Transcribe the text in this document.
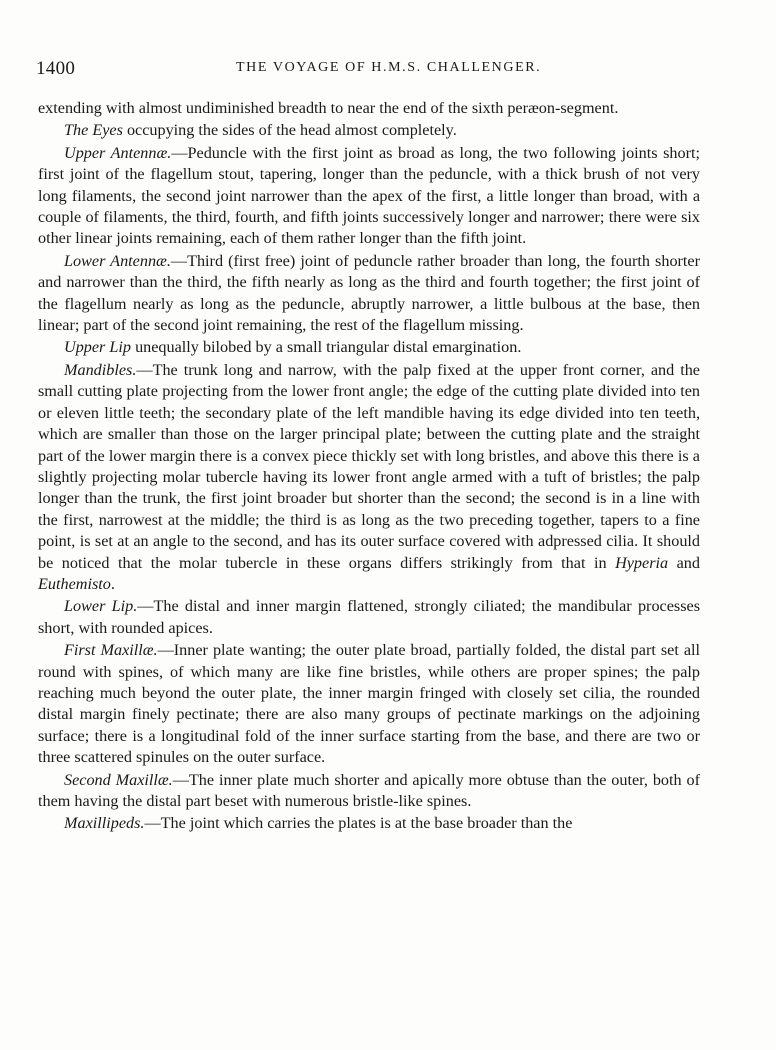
1400	THE VOYAGE OF H.M.S. CHALLENGER.

extending with almost undiminished breadth to near the end of the sixth peræon-segment.

The Eyes occupying the sides of the head almost completely.

Upper Antennæ.—Peduncle with the first joint as broad as long, the two following joints short; first joint of the flagellum stout, tapering, longer than the peduncle, with a thick brush of not very long filaments, the second joint narrower than the apex of the first, a little longer than broad, with a couple of filaments, the third, fourth, and fifth joints successively longer and narrower; there were six other linear joints remaining, each of them rather longer than the fifth joint.

Lower Antennæ.—Third (first free) joint of peduncle rather broader than long, the fourth shorter and narrower than the third, the fifth nearly as long as the third and fourth together; the first joint of the flagellum nearly as long as the peduncle, abruptly narrower, a little bulbous at the base, then linear; part of the second joint remaining, the rest of the flagellum missing.

Upper Lip unequally bilobed by a small triangular distal emargination.

Mandibles.—The trunk long and narrow, with the palp fixed at the upper front corner, and the small cutting plate projecting from the lower front angle; the edge of the cutting plate divided into ten or eleven little teeth; the secondary plate of the left mandible having its edge divided into ten teeth, which are smaller than those on the larger principal plate; between the cutting plate and the straight part of the lower margin there is a convex piece thickly set with long bristles, and above this there is a slightly projecting molar tubercle having its lower front angle armed with a tuft of bristles; the palp longer than the trunk, the first joint broader but shorter than the second; the second is in a line with the first, narrowest at the middle; the third is as long as the two preceding together, tapers to a fine point, is set at an angle to the second, and has its outer surface covered with adpressed cilia. It should be noticed that the molar tubercle in these organs differs strikingly from that in Hyperia and Euthemisto.

Lower Lip.—The distal and inner margin flattened, strongly ciliated; the mandibular processes short, with rounded apices.

First Maxillæ.—Inner plate wanting; the outer plate broad, partially folded, the distal part set all round with spines, of which many are like fine bristles, while others are proper spines; the palp reaching much beyond the outer plate, the inner margin fringed with closely set cilia, the rounded distal margin finely pectinate; there are also many groups of pectinate markings on the adjoining surface; there is a longitudinal fold of the inner surface starting from the base, and there are two or three scattered spinules on the outer surface.

Second Maxillæ.—The inner plate much shorter and apically more obtuse than the outer, both of them having the distal part beset with numerous bristle-like spines.

Maxillipeds.—The joint which carries the plates is at the base broader than the
